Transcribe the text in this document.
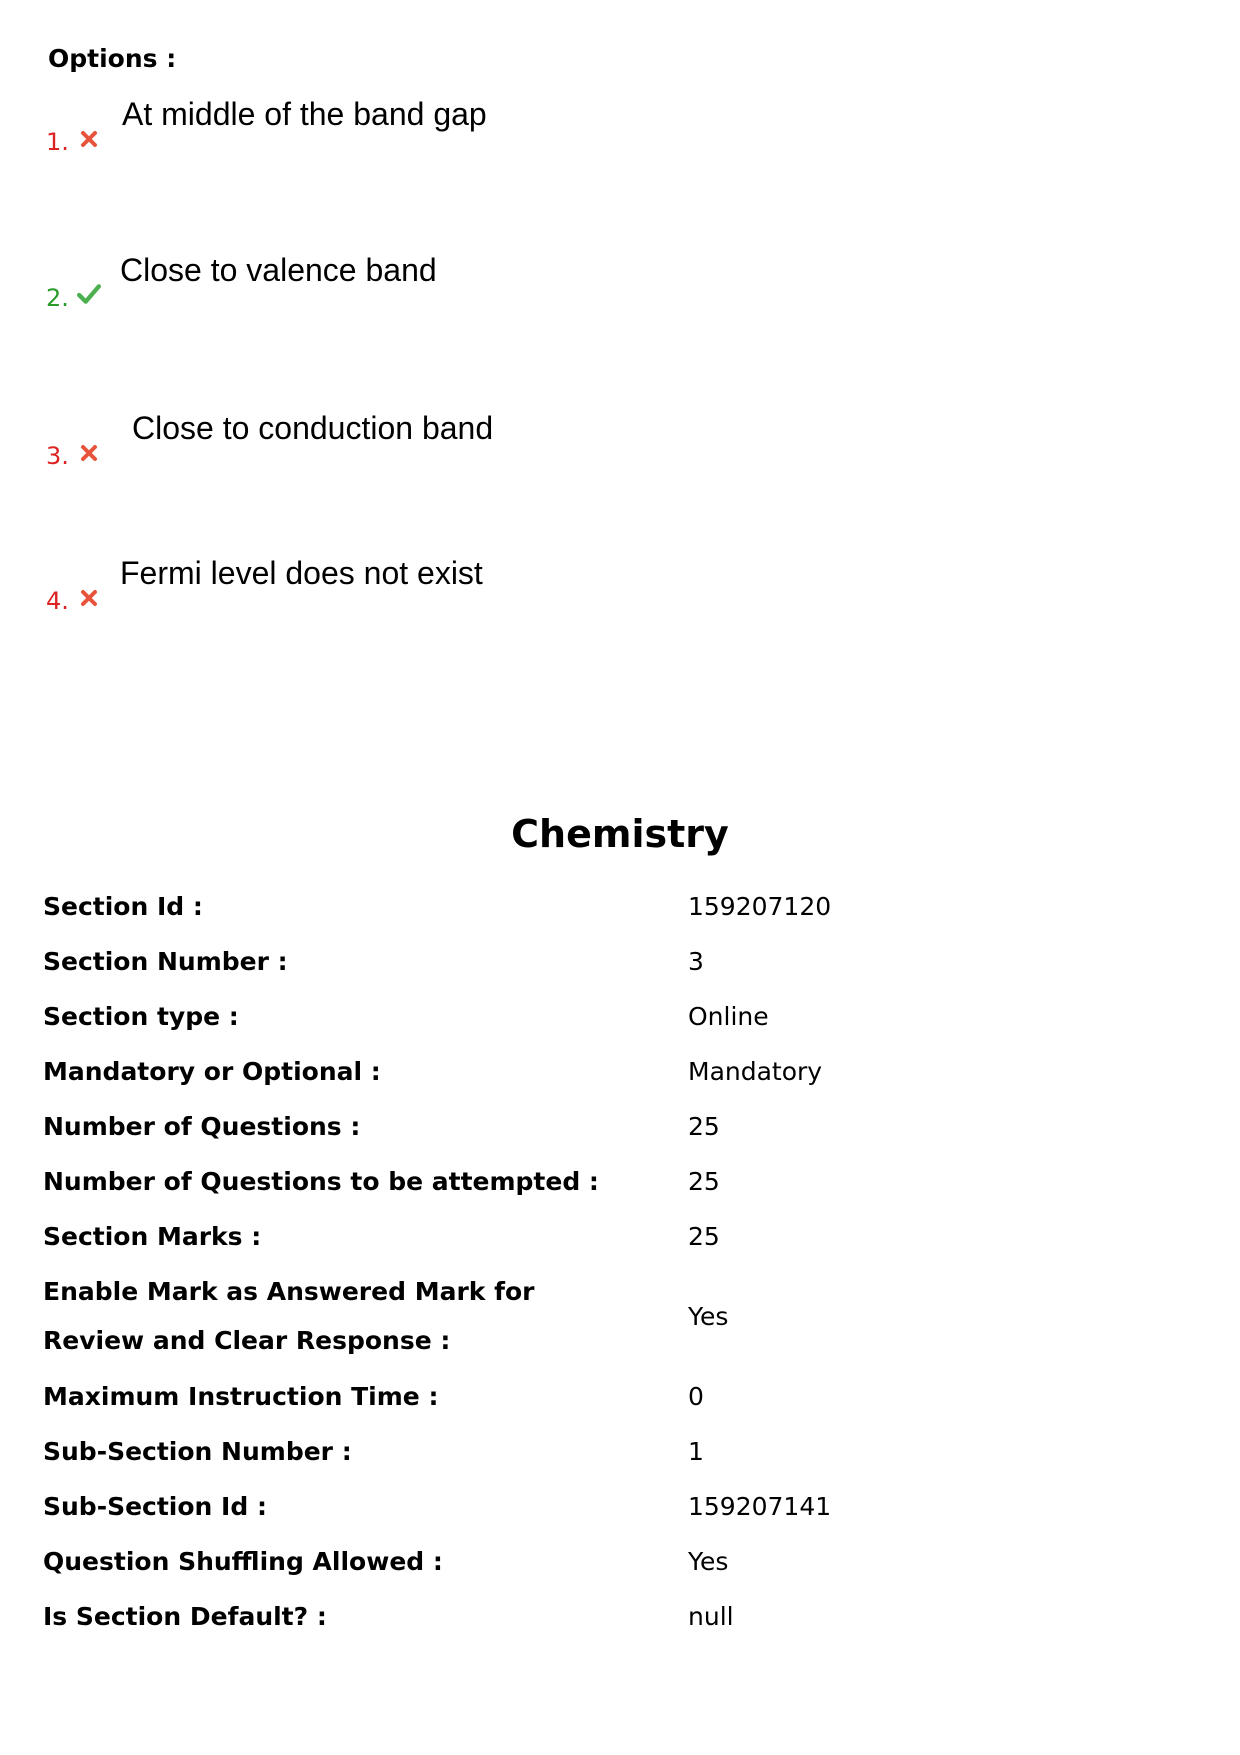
Options :
1.
At middle of the band gap
2.
Close to valence band
3.
Close to conduction band
4.
Fermi level does not exist
Chemistry
Section Id :	159207120
Section Number :	3
Section type :	Online
Mandatory or Optional :	Mandatory
Number of Questions :	25
Number of Questions to be attempted :	25
Section Marks :	25
Enable Mark as Answered Mark for Review and Clear Response :
Yes
Maximum Instruction Time :	0
Sub-Section Number :	1
Sub-Section Id :	159207141
Question Shuffling Allowed :	Yes
Is Section Default? :	null
